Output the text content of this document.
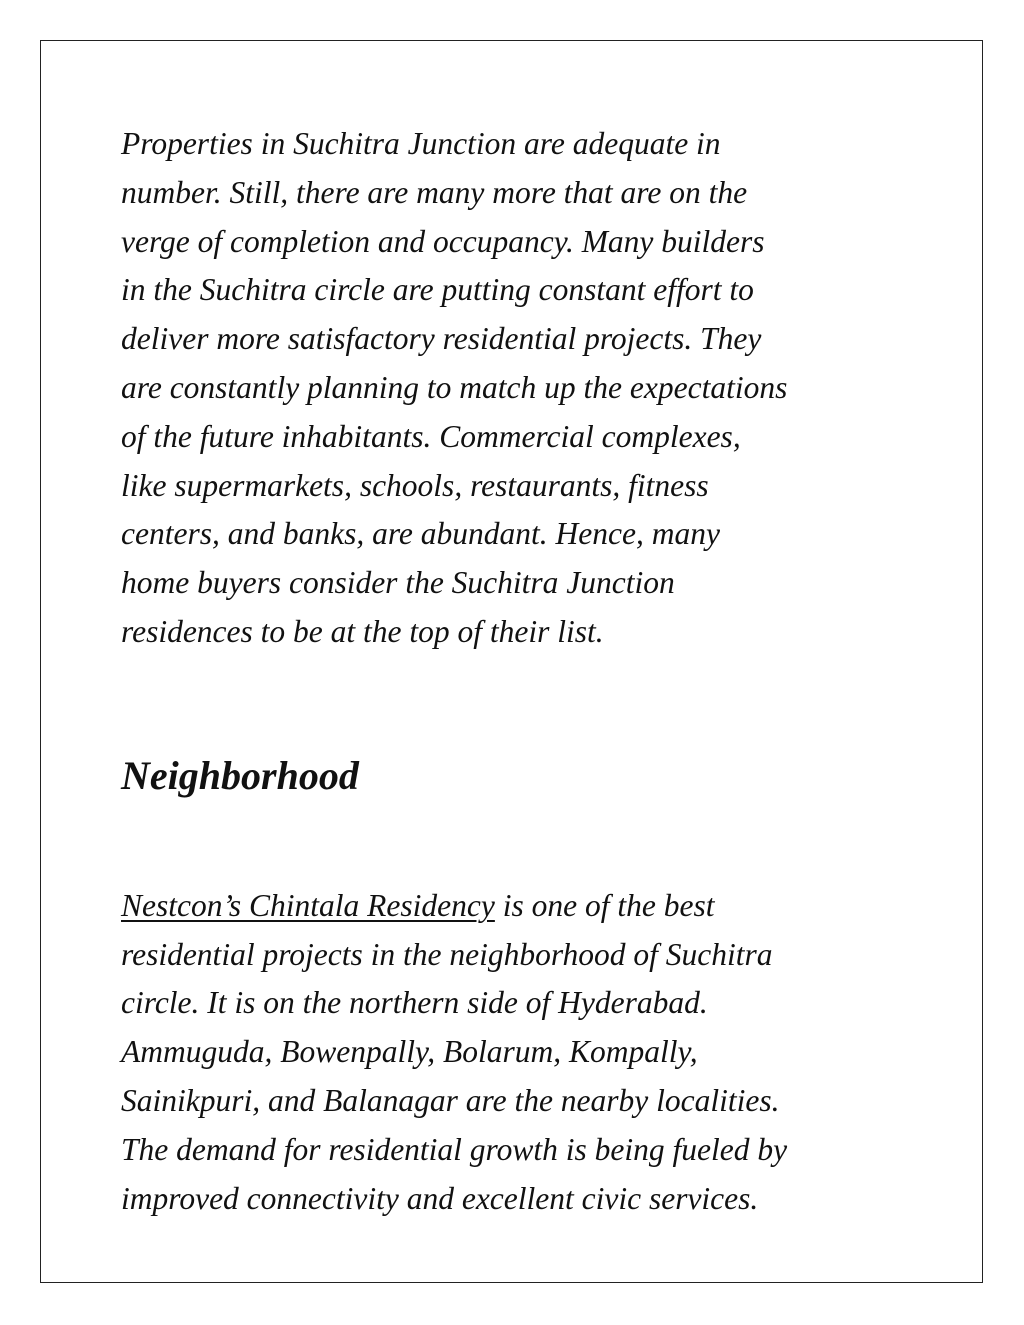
Properties in Suchitra Junction are adequate in
number. Still, there are many more that are on the
verge of completion and occupancy. Many builders
in the Suchitra circle are putting constant effort to
deliver more satisfactory residential projects. They
are constantly planning to match up the expectations
of the future inhabitants. Commercial complexes,
like supermarkets, schools, restaurants, fitness
centers, and banks, are abundant. Hence, many
home buyers consider the Suchitra Junction
residences to be at the top of their list.

Neighborhood

Nestcon’s Chintala Residency is one of the best
residential projects in the neighborhood of Suchitra
circle. It is on the northern side of Hyderabad.
Ammuguda, Bowenpally, Bolarum, Kompally,
Sainikpuri, and Balanagar are the nearby localities.
The demand for residential growth is being fueled by
improved connectivity and excellent civic services.
